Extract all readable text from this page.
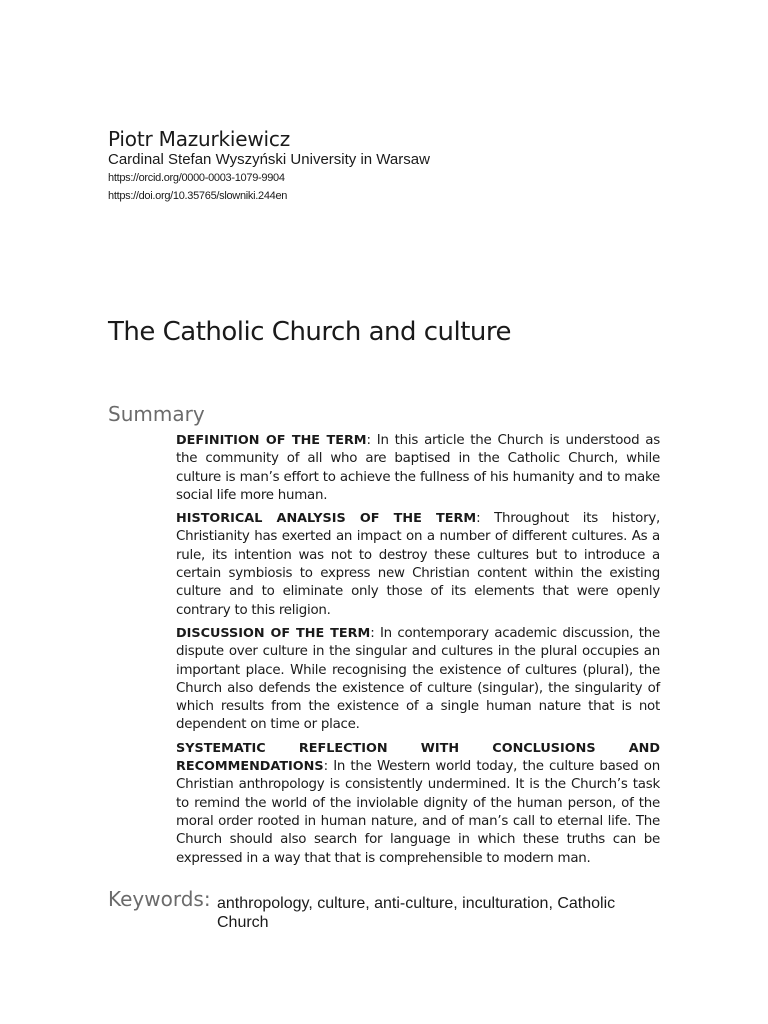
Piotr Mazurkiewicz
Cardinal Stefan Wyszyński University in Warsaw
https://orcid.org/0000-0003-1079-9904
https://doi.org/10.35765/slowniki.244en
The Catholic Church and culture
Summary

DEFINITION OF THE TERM: In this article the Church is understood as the community of all who are baptised in the Catholic Church, while culture is man’s effort to achieve the fullness of his humanity and to make social life more human.

HISTORICAL ANALYSIS OF THE TERM: Throughout its history, Christianity has exerted an impact on a number of different cultures. As a rule, its intention was not to destroy these cultures but to introduce a certain symbiosis to express new Christian content within the existing culture and to eliminate only those of its elements that were openly contrary to this religion.

DISCUSSION OF THE TERM: In contemporary academic discussion, the dispute over culture in the singular and cultures in the plural occupies an important place. While recognising the existence of cultures (plural), the Church also defends the existence of culture (singular), the singularity of which results from the existence of a single human nature that is not dependent on time or place.

SYSTEMATIC REFLECTION WITH CONCLUSIONS AND RECOMMENDATIONS: In the Western world today, the culture based on Christian anthropology is consistently undermined. It is the Church’s task to remind the world of the inviolable dignity of the human person, of the moral order rooted in human nature, and of man’s call to eternal life. The Church should also search for language in which these truths can be expressed in a way that that is comprehensible to modern man.

Keywords: anthropology, culture, anti-culture, inculturation, Catholic Church
